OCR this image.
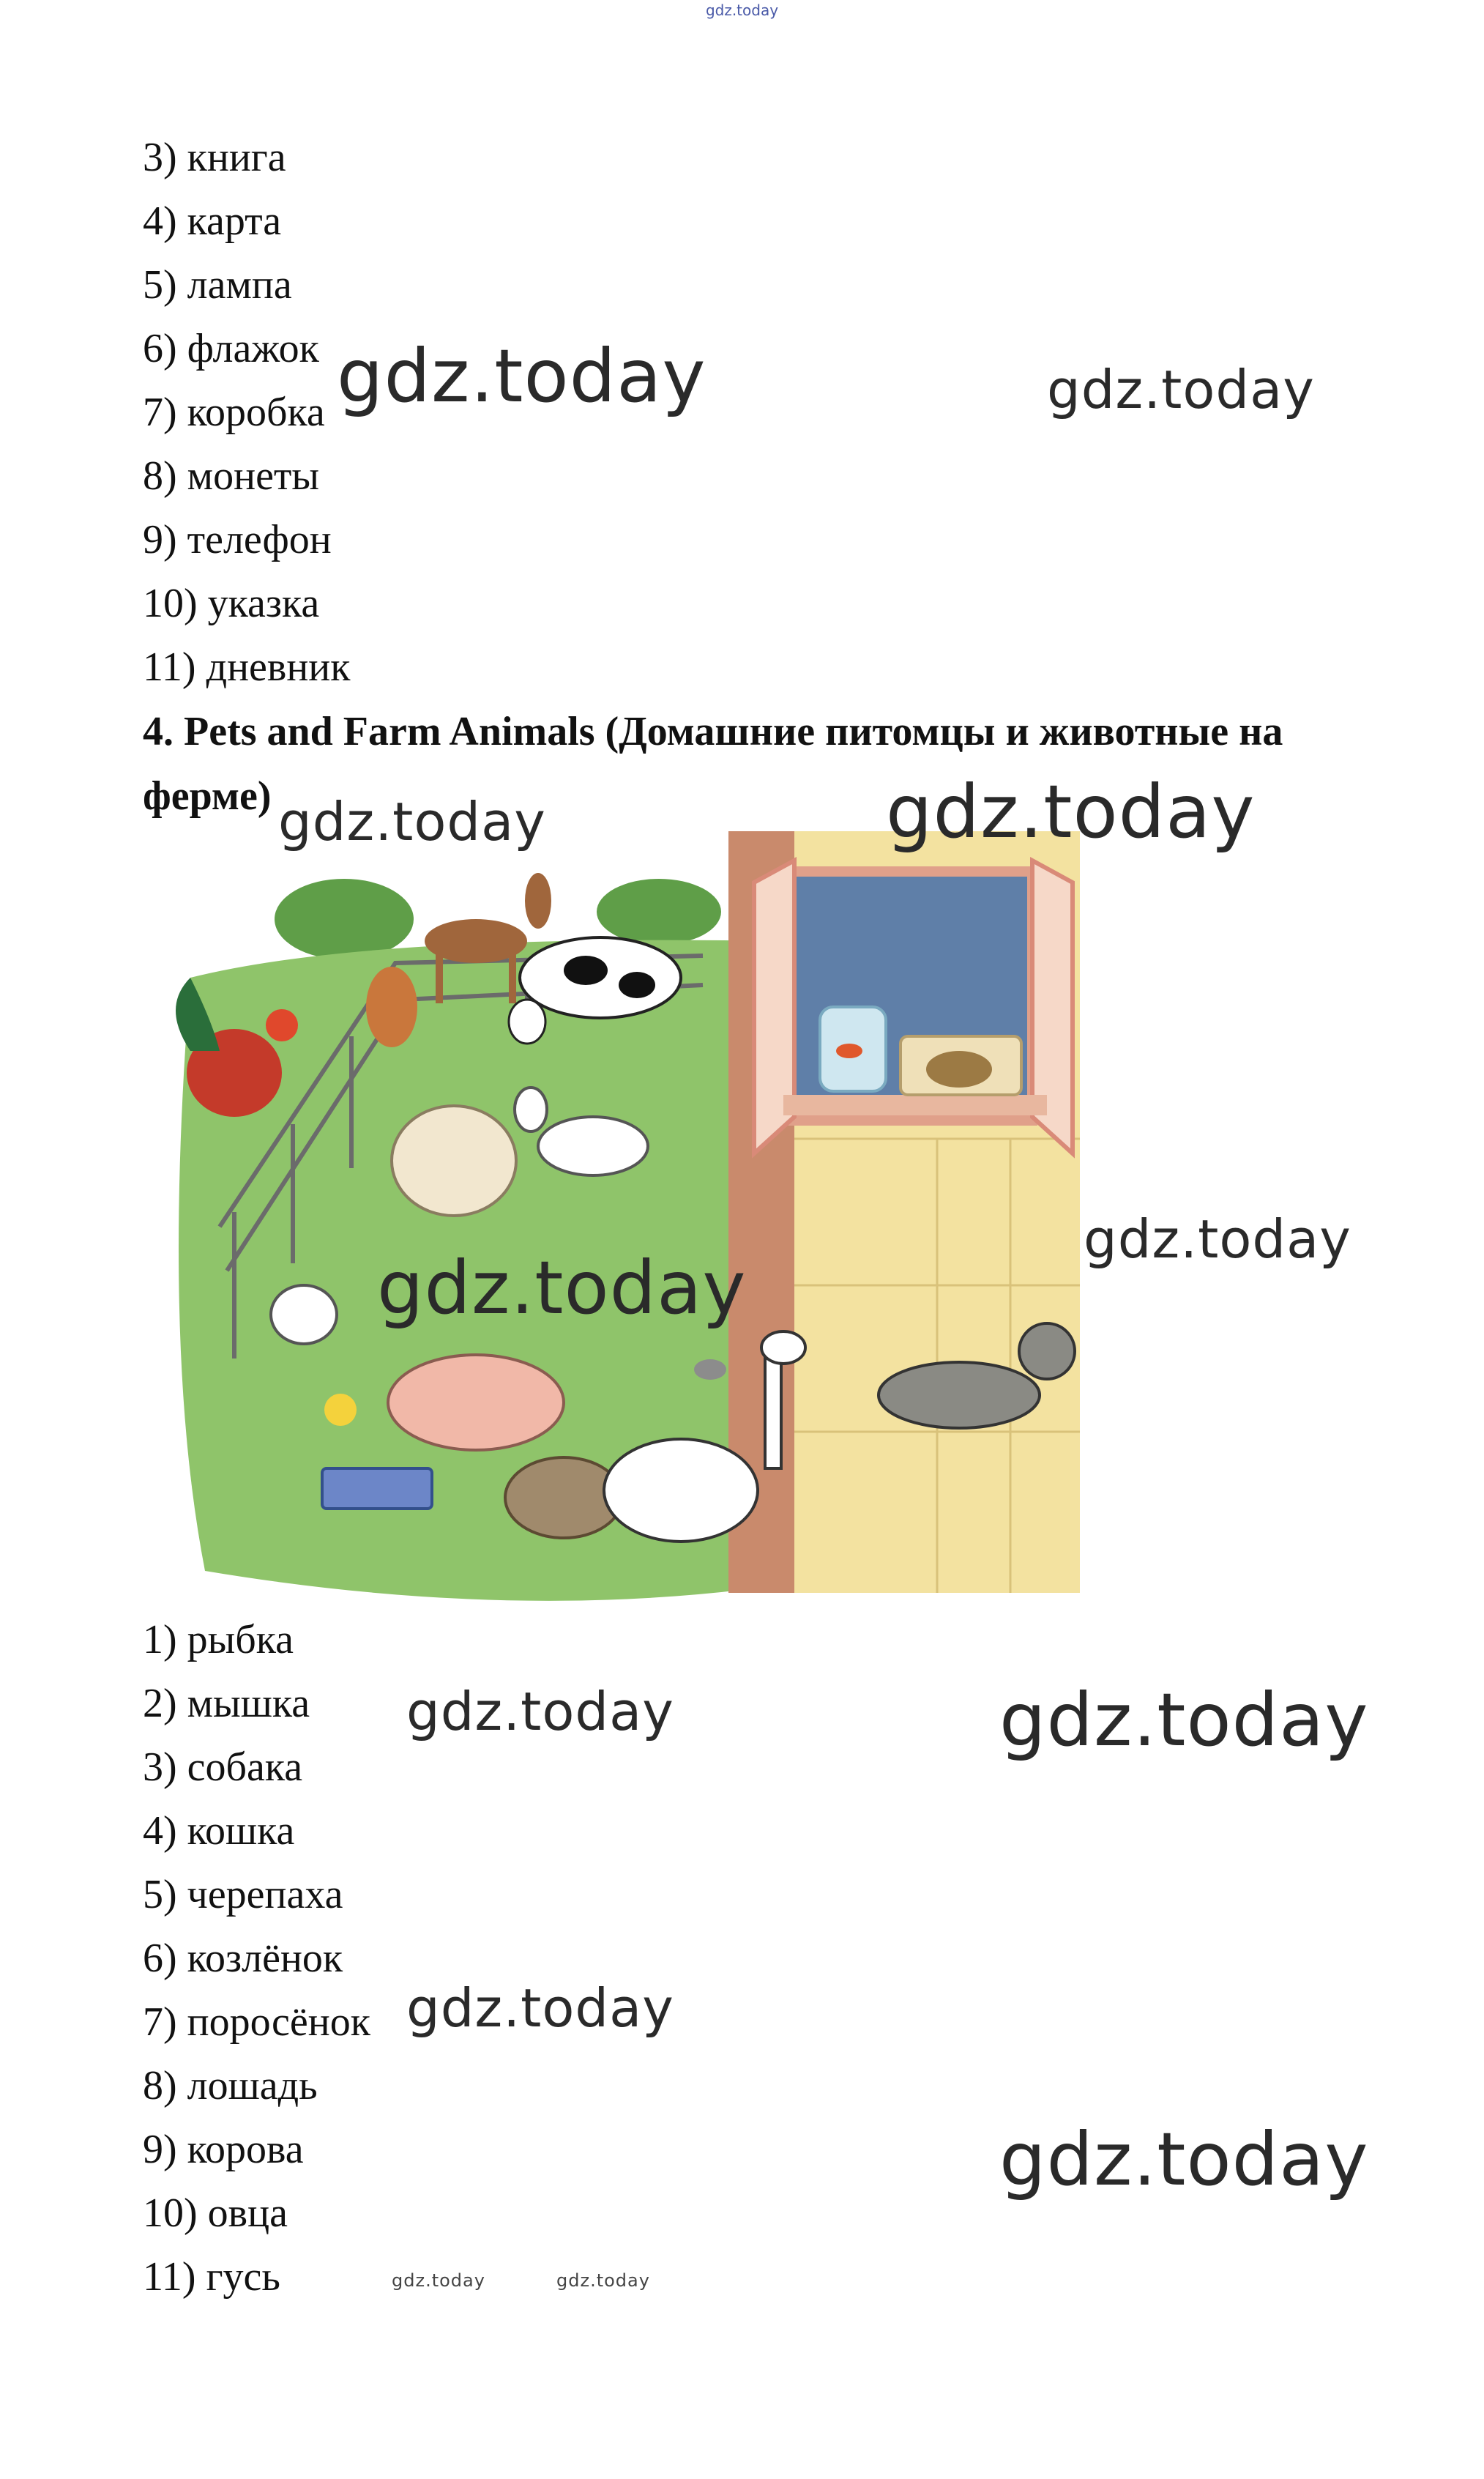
gdz.today
3) книга
4) карта
5) лампа
6) флажок
7) коробка
8) монеты
9) телефон
10) указка
11) дневник
4. Pets and Farm Animals (Домашние питомцы и животные на ферме)
1) рыбка
2) мышка
3) собака
4) кошка
5) черепаха
6) козлёнок
7) поросёнок
8) лошадь
9) корова
10) овца
11) гусь
gdz.today	gdz.today
gdz.today	gdz.today
gdz.today
gdz.today
gdz.today	gdz.today
gdz.today
gdz.today
gdz.today	gdz.today
